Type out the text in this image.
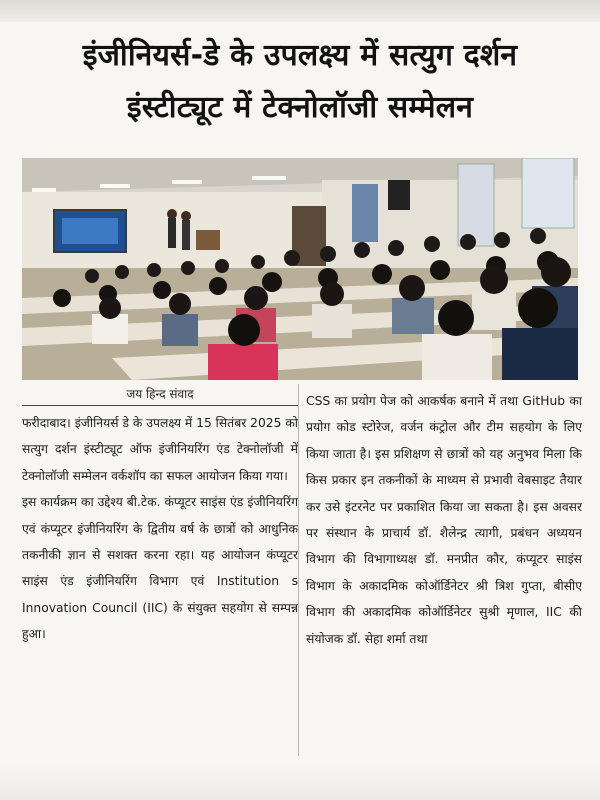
इंजीनियर्स-डे के उपलक्ष्य में सत्युग दर्शन
इंस्टीट्यूट में टेक्नोलॉजी सम्मेलन
जय हिन्द संवाद

फरीदाबाद। इंजीनियर्स डे के उपलक्ष्य में 15 सितंबर 2025 को सत्युग दर्शन इंस्टीट्यूट ऑफ इंजीनियरिंग एंड टेक्नोलॉजी में टेक्नोलॉजी सम्मेलन वर्कशॉप का सफल आयोजन किया गया।

इस कार्यक्रम का उद्देश्य बी.टेक. कंप्यूटर साइंस एंड इंजीनियरिंग एवं कंप्यूटर इंजीनियरिंग के द्वितीय वर्ष के छात्रों को आधुनिक तकनीकी ज्ञान से सशक्त करना रहा। यह आयोजन कंप्यूटर साइंस एंड इंजीनियरिंग विभाग एवं Institution s Innovation Council (IIC) के संयुक्त सहयोग से सम्पन्न हुआ।

CSS का प्रयोग पेज को आकर्षक बनाने में तथा GitHub का प्रयोग कोड स्टोरेज, वर्जन कंट्रोल और टीम सहयोग के लिए किया जाता है। इस प्रशिक्षण से छात्रों को यह अनुभव मिला कि किस प्रकार इन तकनीकों के माध्यम से प्रभावी वेबसाइट तैयार कर उसे इंटरनेट पर प्रकाशित किया जा सकता है। इस अवसर पर संस्थान के प्राचार्य डॉ. शैलेन्द्र त्यागी, प्रबंधन अध्ययन विभाग की विभागाध्यक्ष डॉ. मनप्रीत कौर, कंप्यूटर साइंस विभाग के अकादमिक कोऑर्डिनेटर श्री त्रिश गुप्ता, बीसीए विभाग की अकादमिक कोऑर्डिनेटर सुश्री मृणाल, IIC की संयोजक डॉ. सेहा शर्मा तथा
